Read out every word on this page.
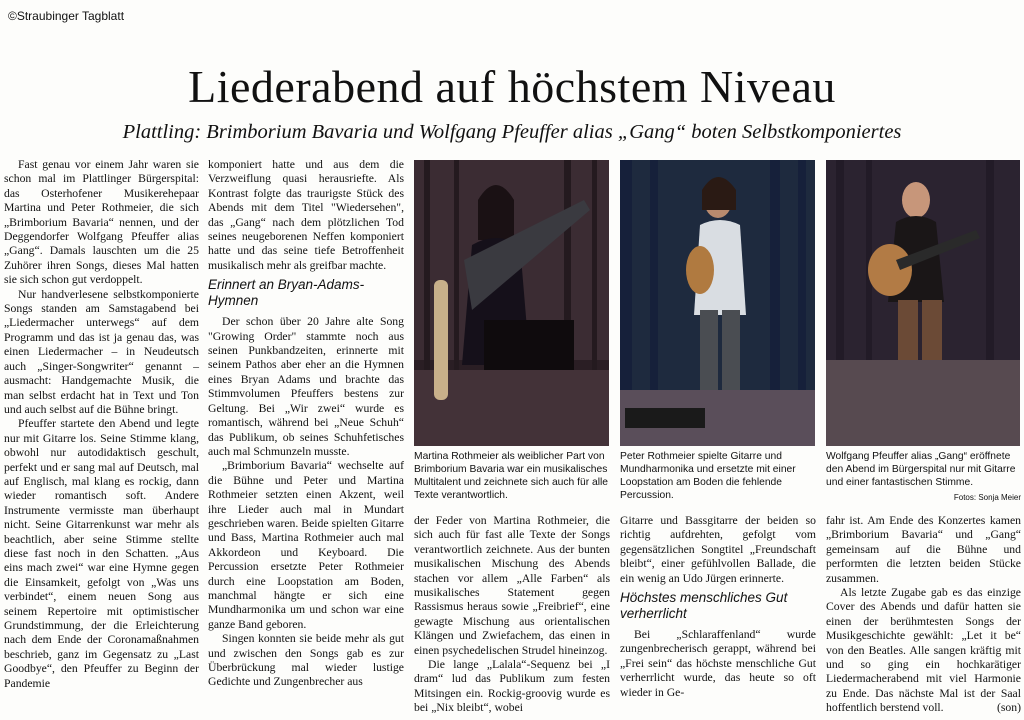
©Straubinger Tagblatt
Liederabend auf höchstem Niveau
Plattling: Brimborium Bavaria und Wolfgang Pfeuffer alias „Gang“ boten Selbstkomponiertes

Fast genau vor einem Jahr waren sie schon mal im Plattlinger Bürgerspital: das Osterhofener Musikerehepaar Martina und Peter Rothmeier, die sich „Brimborium Bavaria“ nennen, und der Deggendorfer Wolfgang Pfeuffer alias „Gang“. Damals lauschten um die 25 Zuhörer ihren Songs, dieses Mal hatten sie sich schon gut verdoppelt.

Nur handverlesene selbstkomponierte Songs standen am Samstagabend bei „Liedermacher unterwegs“ auf dem Programm und das ist ja genau das, was einen Liedermacher – in Neudeutsch auch „Singer-Songwriter“ genannt – ausmacht: Handgemachte Musik, die man selbst erdacht hat in Text und Ton und auch selbst auf die Bühne bringt.

Pfeuffer startete den Abend und legte nur mit Gitarre los. Seine Stimme klang, obwohl nur autodidaktisch geschult, perfekt und er sang mal auf Deutsch, mal auf Englisch, mal klang es rockig, dann wieder romantisch soft. Andere Instrumente vermisste man überhaupt nicht. Seine Gitarrenkunst war mehr als beachtlich, aber seine Stimme stellte diese fast noch in den Schatten. „Aus eins mach zwei“ war eine Hymne gegen die Einsamkeit, gefolgt von „Was uns verbindet“, einem neuen Song aus seinem Repertoire mit optimistischer Grundstimmung, der die Erleichterung nach dem Ende der Coronamaßnahmen beschrieb, ganz im Gegensatz zu „Last Goodbye“, den Pfeuffer zu Beginn der Pandemie

komponiert hatte und aus dem die Verzweiflung quasi herausriefte. Als Kontrast folgte das traurigste Stück des Abends mit dem Titel "Wiedersehen", das „Gang“ nach dem plötzlichen Tod seines neugeborenen Neffen komponiert hatte und das seine tiefe Betroffenheit musikalisch mehr als greifbar machte.

Erinnert an Bryan-Adams-Hymnen

Der schon über 20 Jahre alte Song "Growing Order" stammte noch aus seinen Punkbandzeiten, erinnerte mit seinem Pathos aber eher an die Hymnen eines Bryan Adams und brachte das Stimmvolumen Pfeuffers bestens zur Geltung. Bei „Wir zwei“ wurde es romantisch, während bei „Neue Schuh“ das Publikum, ob seines Schuhfetisches auch mal Schmunzeln musste.

„Brimborium Bavaria“ wechselte auf die Bühne und Peter und Martina Rothmeier setzten einen Akzent, weil ihre Lieder auch mal in Mundart geschrieben waren. Beide spielten Gitarre und Bass, Martina Rothmeier auch mal Akkordeon und Keyboard. Die Percussion ersetzte Peter Rothmeier durch eine Loopstation am Boden, manchmal hängte er sich eine Mundharmonika um und schon war eine ganze Band geboren.

Singen konnten sie beide mehr als gut und zwischen den Songs gab es zur Überbrückung mal wieder lustige Gedichte und Zungenbrecher aus

Martina Rothmeier als weiblicher Part von Brimborium Bavaria war ein musikalisches Multitalent und zeichnete sich auch für alle Texte verantwortlich.
Peter Rothmeier spielte Gitarre und Mundharmonika und ersetzte mit einer Loopstation am Boden die fehlende Percussion.
Wolfgang Pfeuffer alias „Gang“ eröffnete den Abend im Bürgerspital nur mit Gitarre und einer fantastischen Stimme.
Fotos: Sonja Meier

der Feder von Martina Rothmeier, die sich auch für fast alle Texte der Songs verantwortlich zeichnete. Aus der bunten musikalischen Mischung des Abends stachen vor allem „Alle Farben“ als musikalisches Statement gegen Rassismus heraus sowie „Freibrief“, eine gewagte Mischung aus orientalischen Klängen und Zwiefachem, das einen in einen psychedelischen Strudel hineinzog.

Die lange „Lalala“-Sequenz bei „I dram“ lud das Publikum zum festen Mitsingen ein. Rockig-groovig wurde es bei „Nix bleibt“, wobei

Gitarre und Bassgitarre der beiden so richtig aufdrehten, gefolgt vom gegensätzlichen Songtitel „Freundschaft bleibt“, einer gefühlvollen Ballade, die ein wenig an Udo Jürgen erinnerte.

Höchstes menschliches Gut verherrlicht

Bei „Schlaraffenland“ wurde zungenbrecherisch gerappt, während bei „Frei sein“ das höchste menschliche Gut verherrlicht wurde, das heute so oft wieder in Ge-

fahr ist. Am Ende des Konzertes kamen „Brimborium Bavaria“ und „Gang“ gemeinsam auf die Bühne und performten die letzten beiden Stücke zusammen.

Als letzte Zugabe gab es das einzige Cover des Abends und dafür hatten sie einen der berühmtesten Songs der Musikgeschichte gewählt: „Let it be“ von den Beatles. Alle sangen kräftig mit und so ging ein hochkarätiger Liedermacherabend mit viel Harmonie zu Ende. Das nächste Mal ist der Saal hoffentlich berstend voll.	(son)
